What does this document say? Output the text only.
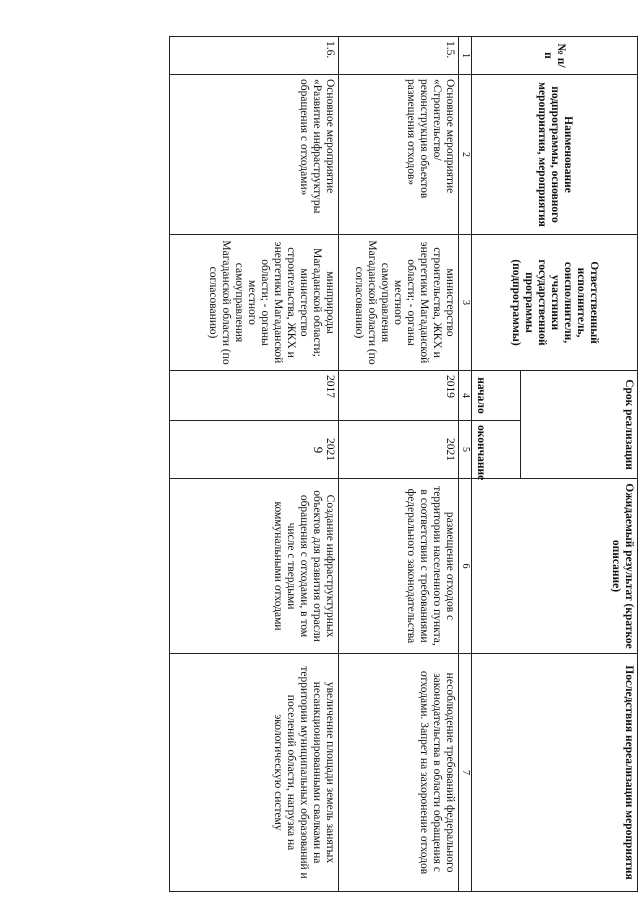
9
№ п/п	Наименование подпрограммы, основного мероприятия, мероприятия	Ответственный исполнитель, соисполнители, участники государственной программы (подпрограммы)	Срок реализации		Ожидаемый результат (краткое описание)	Последствия нереализации мероприятия
			начало	окончание		
1	2	3	4	5	6	7
1.5.	Основное мероприятие «Строительство/реконструкция объектов размещения отходов»	министерство строительства, ЖКХ и энергетики Магаданской области; - органы местного самоуправления Магаданской области (по согласованию)	2019	2021	размещение отходов с территории населенного пункта, в соответствии с требованиями федерального законодательства	несоблюдение требований федерального законодательства в области обращения с отходами. Запрет на захоронение отходов
1.6.	Основное мероприятие «Развитие инфраструктуры обращения с отходами»	минприроды Магаданской области; министерство строительства, ЖКХ и энергетики Магаданской области; - органы местного самоуправления Магаданской области (по согласованию)	2017	2021	Создание инфраструктурных объектов для развития отрасли обращения с отходами, в том числе с твердыми коммунальными отходами	увеличение площади земель занятых несанкционированными свалками на территории муниципальных образований и поселений области, нагрузка на экологическую систему
